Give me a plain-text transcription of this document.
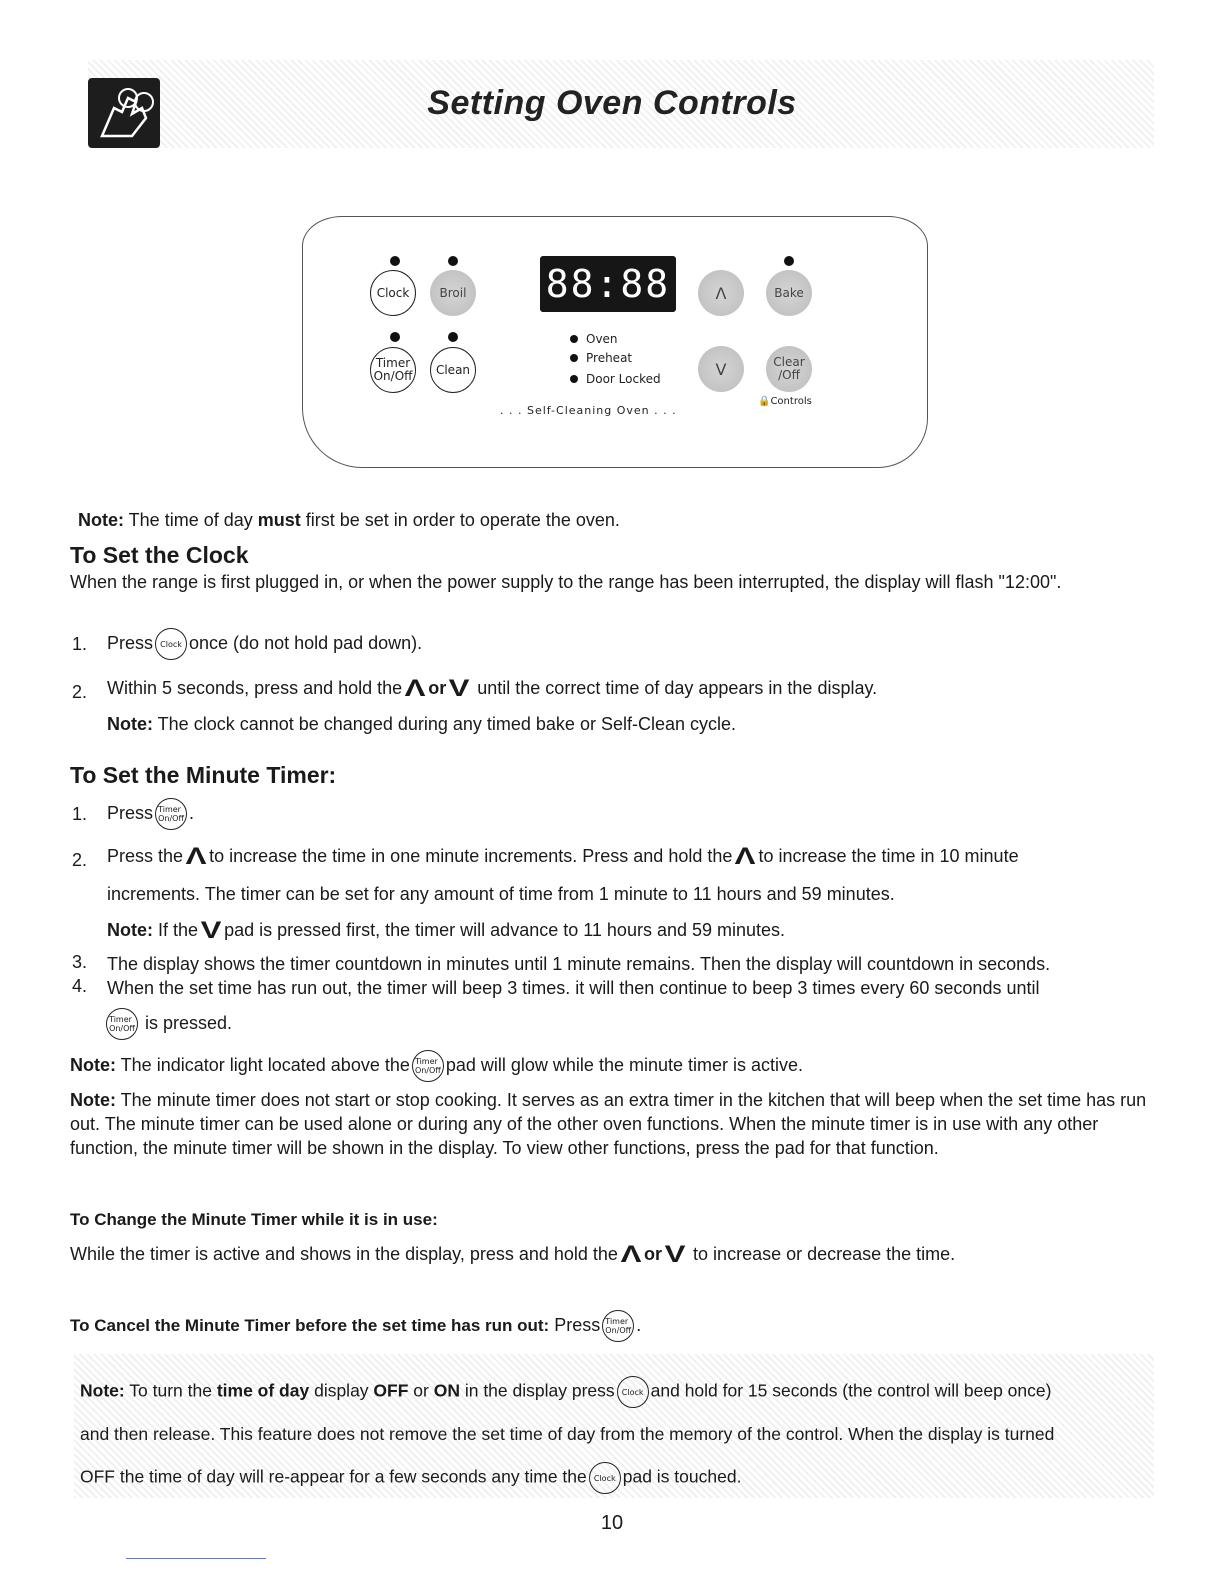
Setting Oven Controls
Clock	Broil
Timer
On/Off Clean
88:88
Oven
Preheat
Door Locked
. . . Self-Cleaning Oven . . .
Λ	Bake
V	Clear
/Off
🔒Controls
Note: The time of day must first be set in order to operate the oven.
To Set the Clock
When the range is first plugged in, or when the power supply to the range has been interrupted, the display will flash "12:00".
1. Press Clock once (do not hold pad down).
2. Within 5 seconds, press and hold the Λ or V until the correct time of day appears in the display.
Note: The clock cannot be changed during any timed bake or Self-Clean cycle.
To Set the Minute Timer:
1. Press Timer
On/Off .
2. Press the Λ to increase the time in one minute increments. Press and hold the Λ to increase the time in 10 minute
increments. The timer can be set for any amount of time from 1 minute to 11 hours and 59 minutes.
Note: If the V pad is pressed first, the timer will advance to 11 hours and 59 minutes.
3. The display shows the timer countdown in minutes until 1 minute remains. Then the display will countdown in seconds.
4. When the set time has run out, the timer will beep 3 times. it will then continue to beep 3 times every 60 seconds until
Timer
On/Off is pressed.
Note: The indicator light located above the Timer
On/Off pad will glow while the minute timer is active.
Note: The minute timer does not start or stop cooking. It serves as an extra timer in the kitchen that will beep when the set time has run out. The minute timer can be used alone or during any of the other oven functions. When the minute timer is in use with any other function, the minute timer will be shown in the display. To view other functions, press the pad for that function.
To Change the Minute Timer while it is in use:
While the timer is active and shows in the display, press and hold the Λ or V to increase or decrease the time.
To Cancel the Minute Timer before the set time has run out: Press Timer
On/Off .
Note: To turn the time of day display OFF or ON in the display press Clock and hold for 15 seconds (the control will beep once)
and then release. This feature does not remove the set time of day from the memory of the control. When the display is turned
OFF the time of day will re-appear for a few seconds any time the Clock pad is touched.
10
